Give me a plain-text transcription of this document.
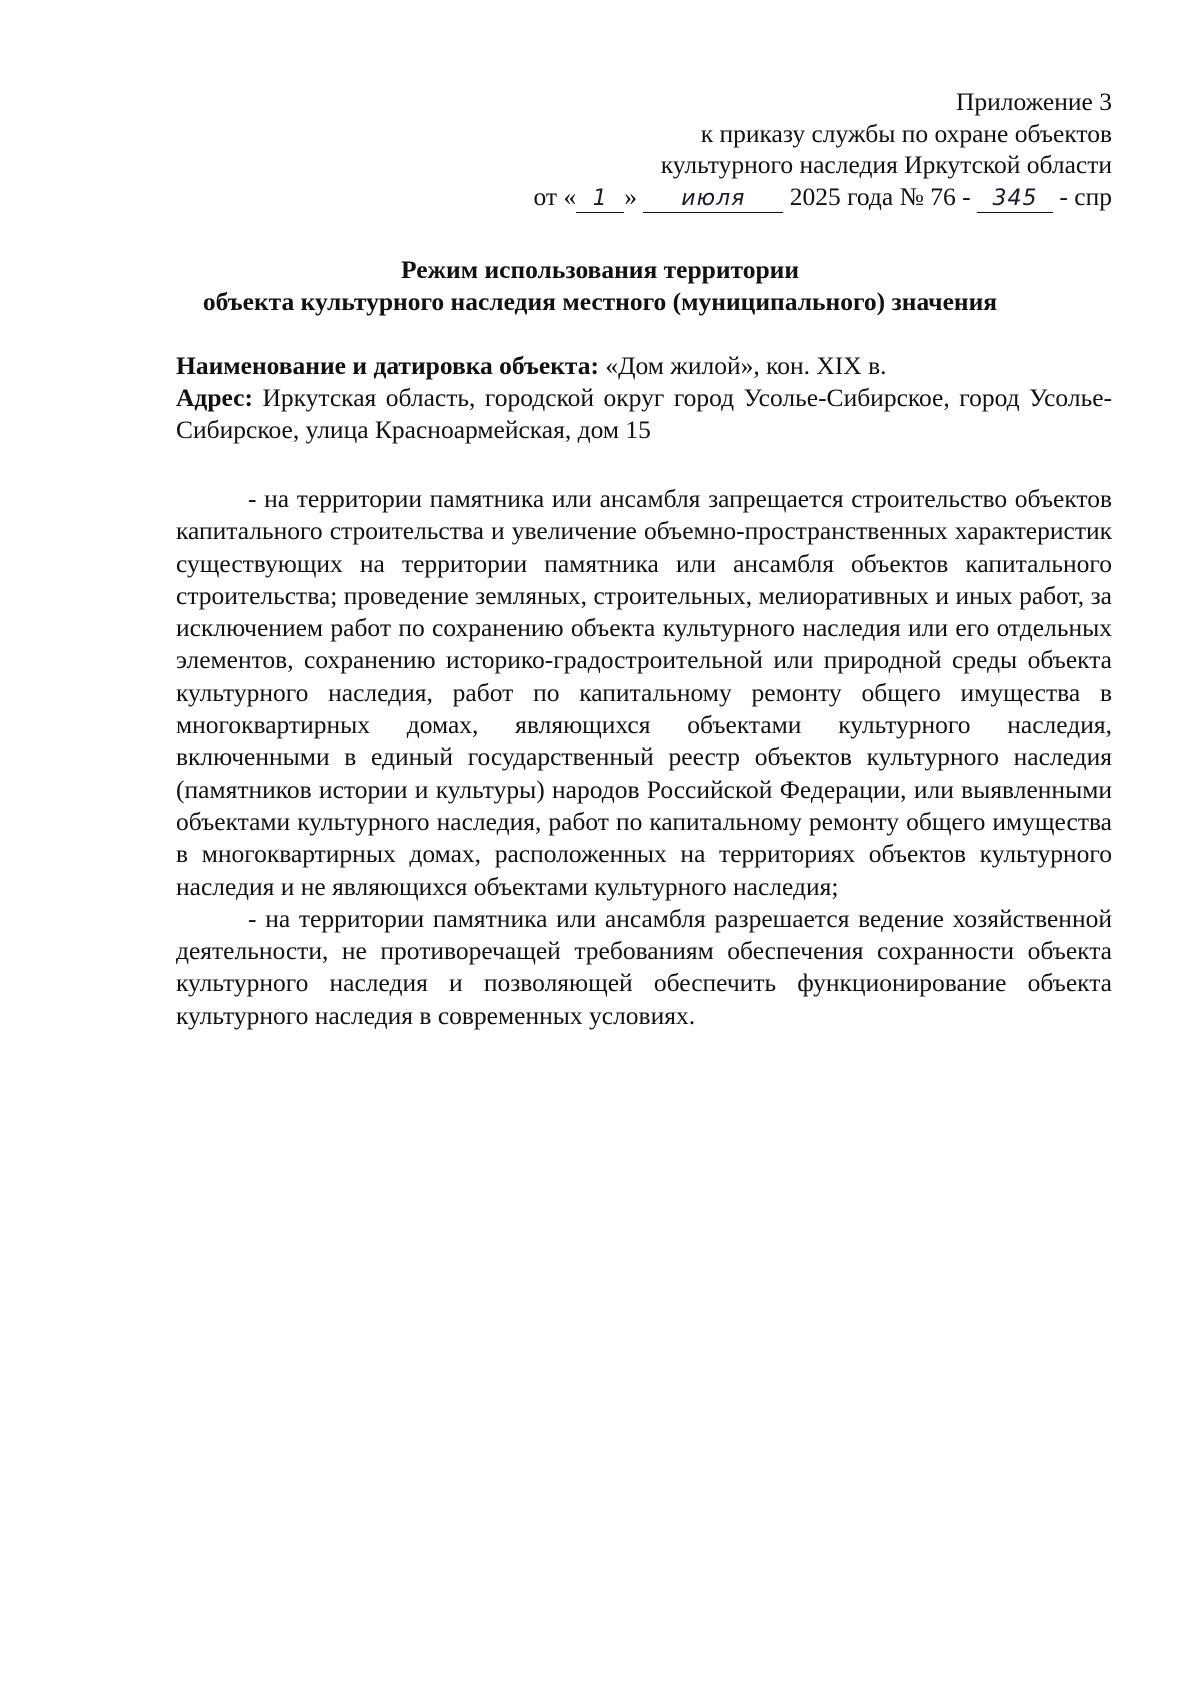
Приложение 3
к приказу службы по охране объектов
культурного наследия Иркутской области
от « 1 » июля 2025 года № 76 - 345 - спр
Режим использования территории
объекта культурного наследия местного (муниципального) значения
Наименование и датировка объекта: «Дом жилой», кон. XIX в.
Адрес: Иркутская область, городской округ город Усолье-Сибирское, город Усолье-Сибирское, улица Красноармейская, дом 15

- на территории памятника или ансамбля запрещается строительство объектов капитального строительства и увеличение объемно-пространственных характеристик существующих на территории памятника или ансамбля объектов капитального строительства; проведение земляных, строительных, мелиоративных и иных работ, за исключением работ по сохранению объекта культурного наследия или его отдельных элементов, сохранению историко-градостроительной или природной среды объекта культурного наследия, работ по капитальному ремонту общего имущества в многоквартирных домах, являющихся объектами культурного наследия, включенными в единый государственный реестр объектов культурного наследия (памятников истории и культуры) народов Российской Федерации, или выявленными объектами культурного наследия, работ по капитальному ремонту общего имущества в многоквартирных домах, расположенных на территориях объектов культурного наследия и не являющихся объектами культурного наследия;

- на территории памятника или ансамбля разрешается ведение хозяйственной деятельности, не противоречащей требованиям обеспечения сохранности объекта культурного наследия и позволяющей обеспечить функционирование объекта культурного наследия в современных условиях.
